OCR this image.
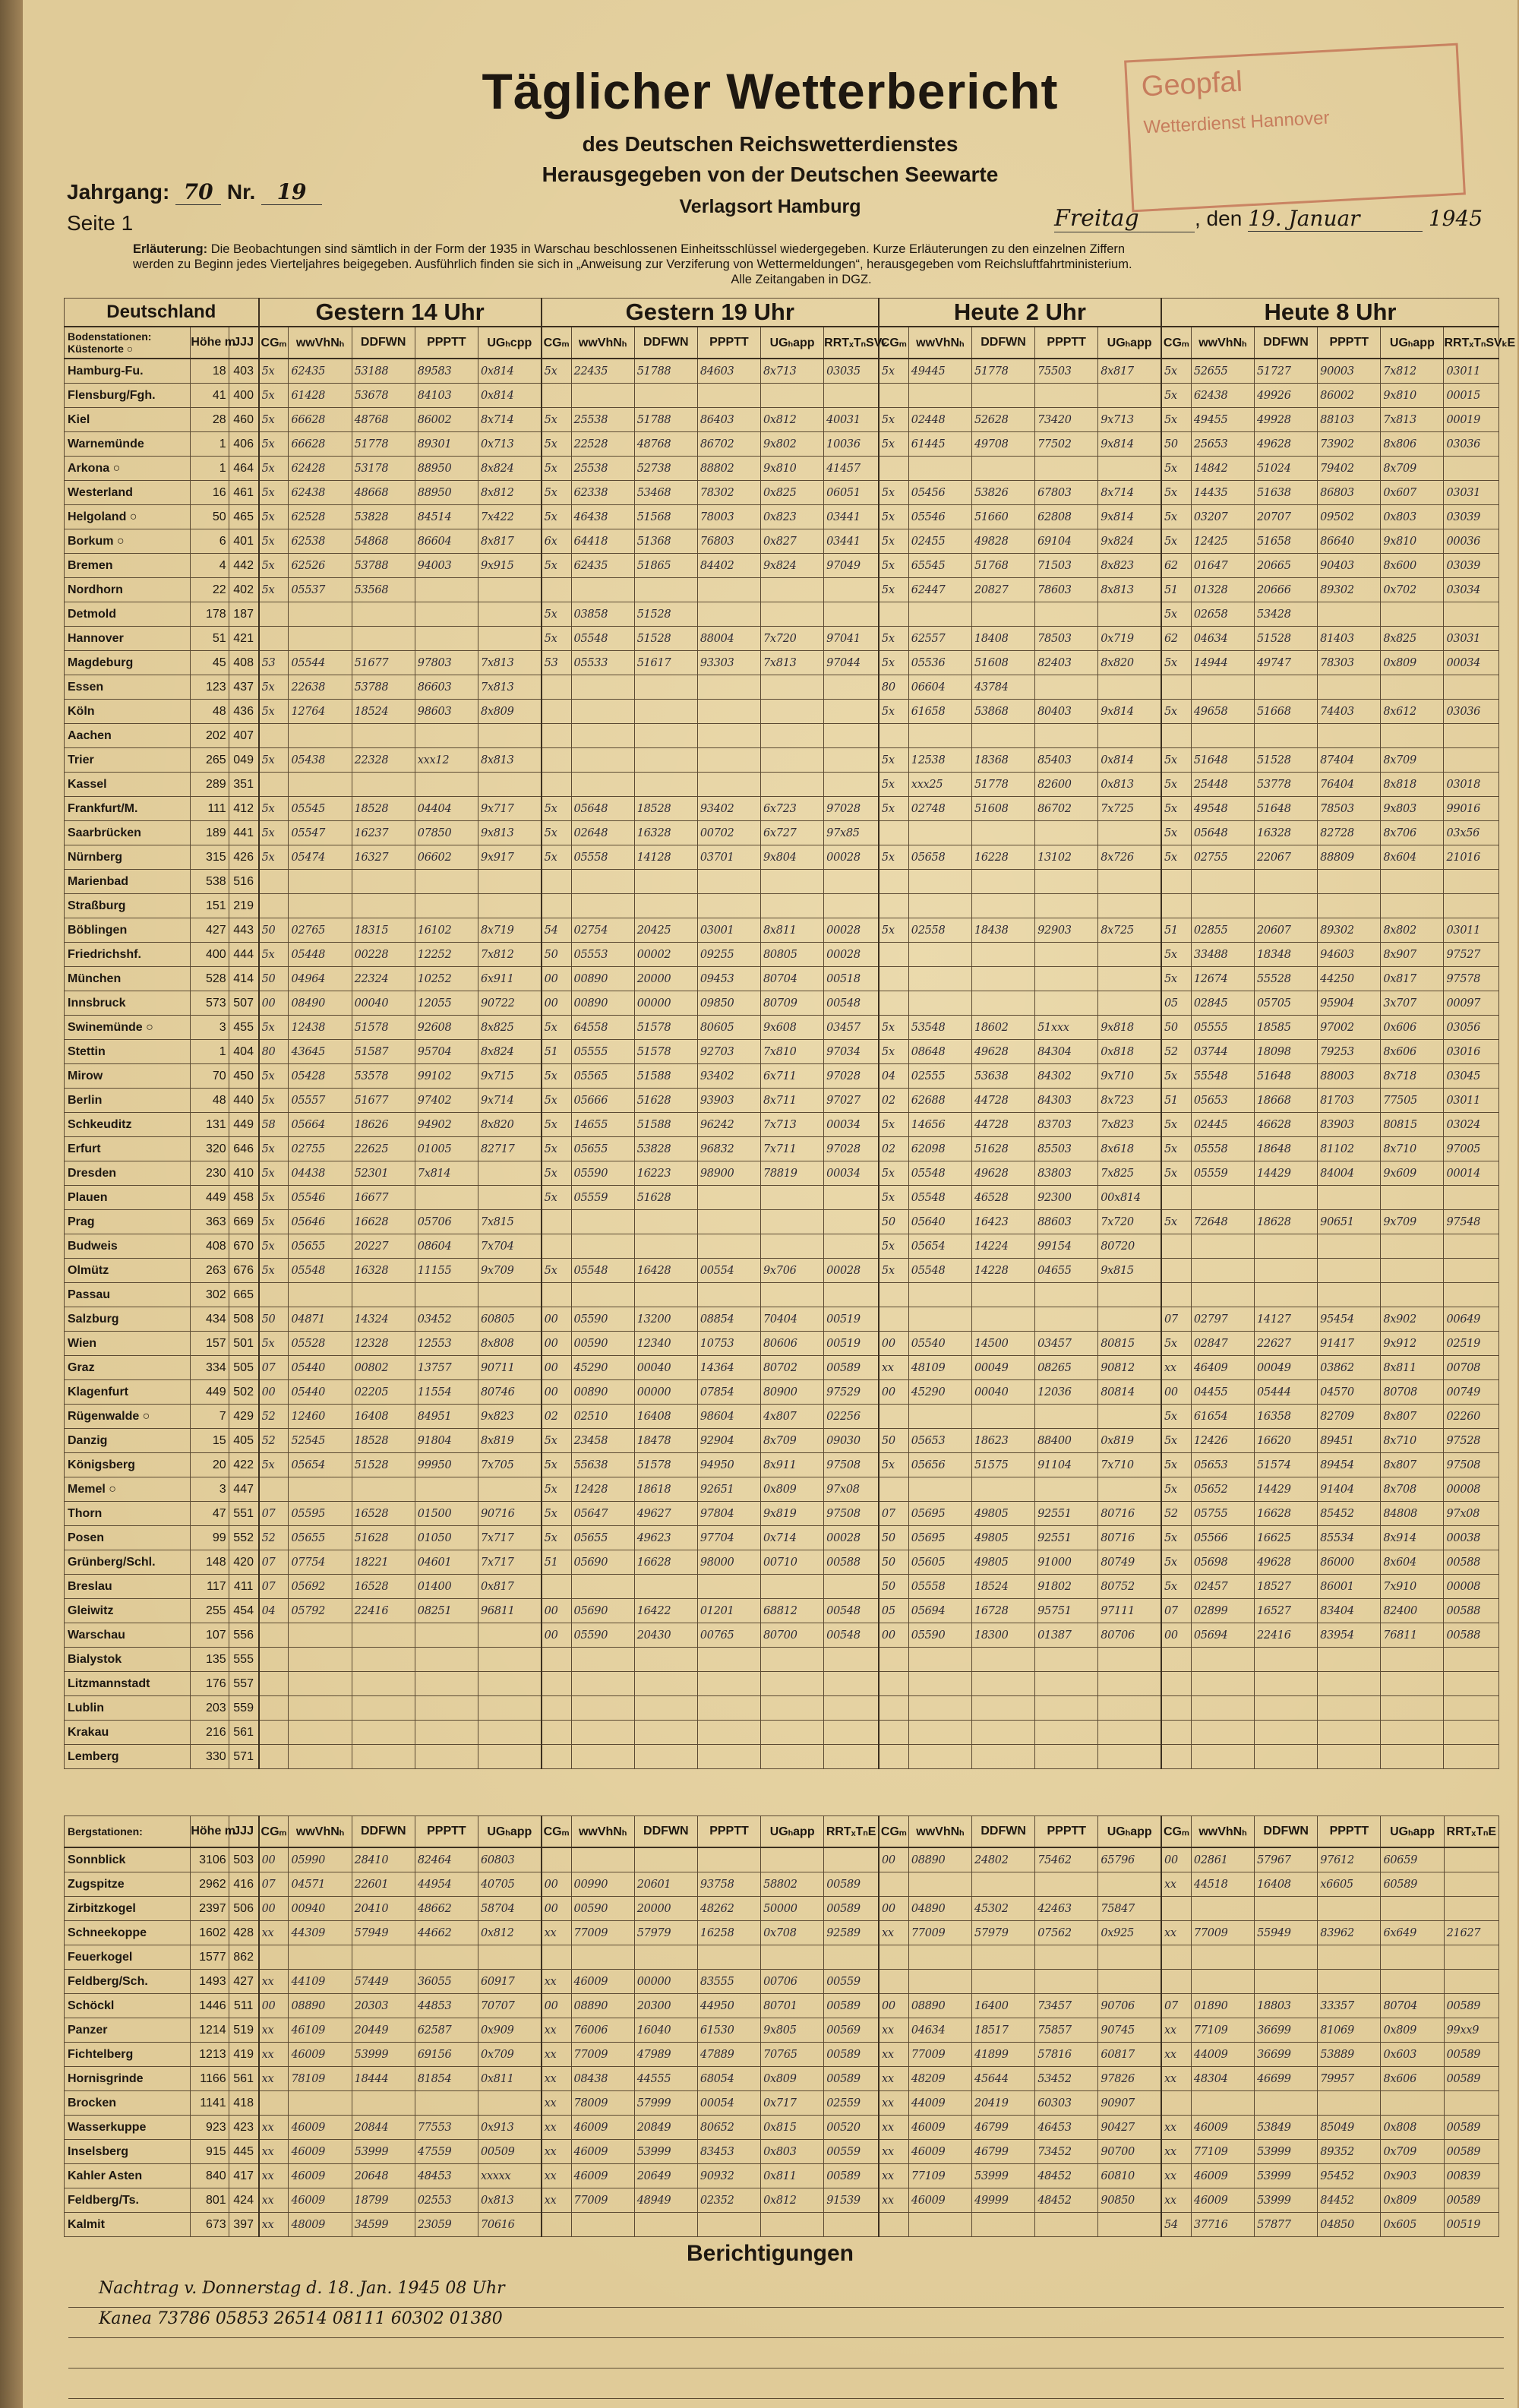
Geopfal
Wetterdienst Hannover
Täglicher Wetterbericht
des Deutschen Reichswetterdienstes
Herausgegeben von der Deutschen Seewarte
Verlagsort Hamburg
Jahrgang: 70 Nr. 19
Seite 1	Freitag	, den 19. Januar	1945
Erläuterung: Die Beobachtungen sind sämtlich in der Form der 1935 in Warschau beschlossenen Einheitsschlüssel wiedergegeben. Kurze Erläuterungen zu den einzelnen Ziffern
werden zu Beginn jedes Vierteljahres beigegeben. Ausführlich finden sie sich in „Anweisung zur Verziferung von Wettermeldungen“, herausgegeben vom Reichsluftfahrtministerium.
Alle Zeitangaben in DGZ.
Deutschland			Gestern 14 Uhr					Gestern 19 Uhr						Heute 2 Uhr					Heute 8 Uhr					
Bodenstationen: Küstenorte ○	Höhe m	JJJ	CGₘ	wwVhNₕ	DDFWN	PPPTT	UGₕcpp	CGₘ	wwVhNₕ	DDFWN	PPPTT	UGₕapp	RRTₓTₙSVₖ	CGₘ	wwVhNₕ	DDFWN	PPPTT	UGₕapp	CGₘ	wwVhNₕ	DDFWN	PPPTT	UGₕapp	RRTₓTₙSVₖE
Hamburg-Fu.	18	403	5x	62435	53188	89583	0x814	5x	22435	51788	84603	8x713	03035	5x	49445	51778	75503	8x817	5x	52655	51727	90003	7x812	03011
Flensburg/Fgh.	41	400	5x	61428	53678	84103	0x814												5x	62438	49926	86002	9x810	00015
Kiel	28	460	5x	66628	48768	86002	8x714	5x	25538	51788	86403	0x812	40031	5x	02448	52628	73420	9x713	5x	49455	49928	88103	7x813	00019
Warnemünde	1	406	5x	66628	51778	89301	0x713	5x	22528	48768	86702	9x802	10036	5x	61445	49708	77502	9x814	50	25653	49628	73902	8x806	03036
Arkona ○	1	464	5x	62428	53178	88950	8x824	5x	25538	52738	88802	9x810	41457						5x	14842	51024	79402	8x709	
Westerland	16	461	5x	62438	48668	88950	8x812	5x	62338	53468	78302	0x825	06051	5x	05456	53826	67803	8x714	5x	14435	51638	86803	0x607	03031
Helgoland ○	50	465	5x	62528	53828	84514	7x422	5x	46438	51568	78003	0x823	03441	5x	05546	51660	62808	9x814	5x	03207	20707	09502	0x803	03039
Borkum ○	6	401	5x	62538	54868	86604	8x817	6x	64418	51368	76803	0x827	03441	5x	02455	49828	69104	9x824	5x	12425	51658	86640	9x810	00036
Bremen	4	442	5x	62526	53788	94003	9x915	5x	62435	51865	84402	9x824	97049	5x	65545	51768	71503	8x823	62	01647	20665	90403	8x600	03039
Nordhorn	22	402	5x	05537	53568									5x	62447	20827	78603	8x813	51	01328	20666	89302	0x702	03034
Detmold	178	187						5x	03858	51528									5x	02658	53428			
Hannover	51	421						5x	05548	51528	88004	7x720	97041	5x	62557	18408	78503	0x719	62	04634	51528	81403	8x825	03031
Magdeburg	45	408	53	05544	51677	97803	7x813	53	05533	51617	93303	7x813	97044	5x	05536	51608	82403	8x820	5x	14944	49747	78303	0x809	00034
Essen	123	437	5x	22638	53788	86603	7x813							80	06604	43784								
Köln	48	436	5x	12764	18524	98603	8x809							5x	61658	53868	80403	9x814	5x	49658	51668	74403	8x612	03036
Aachen	202	407																						
Trier	265	049	5x	05438	22328	xxx12	8x813							5x	12538	18368	85403	0x814	5x	51648	51528	87404	8x709	
Kassel	289	351												5x	xxx25	51778	82600	0x813	5x	25448	53778	76404	8x818	03018
Frankfurt/M.	111	412	5x	05545	18528	04404	9x717	5x	05648	18528	93402	6x723	97028	5x	02748	51608	86702	7x725	5x	49548	51648	78503	9x803	99016
Saarbrücken	189	441	5x	05547	16237	07850	9x813	5x	02648	16328	00702	6x727	97x85						5x	05648	16328	82728	8x706	03x56
Nürnberg	315	426	5x	05474	16327	06602	9x917	5x	05558	14128	03701	9x804	00028	5x	05658	16228	13102	8x726	5x	02755	22067	88809	8x604	21016
Marienbad	538	516																						
Straßburg	151	219																						
Böblingen	427	443	50	02765	18315	16102	8x719	54	02754	20425	03001	8x811	00028	5x	02558	18438	92903	8x725	51	02855	20607	89302	8x802	03011
Friedrichshf.	400	444	5x	05448	00228	12252	7x812	50	05553	00002	09255	80805	00028						5x	33488	18348	94603	8x907	97527
München	528	414	50	04964	22324	10252	6x911	00	00890	20000	09453	80704	00518						5x	12674	55528	44250	0x817	97578
Innsbruck	573	507	00	08490	00040	12055	90722	00	00890	00000	09850	80709	00548						05	02845	05705	95904	3x707	00097
Swinemünde ○	3	455	5x	12438	51578	92608	8x825	5x	64558	51578	80605	9x608	03457	5x	53548	18602	51xxx	9x818	50	05555	18585	97002	0x606	03056
Stettin	1	404	80	43645	51587	95704	8x824	51	05555	51578	92703	7x810	97034	5x	08648	49628	84304	0x818	52	03744	18098	79253	8x606	03016
Mirow	70	450	5x	05428	53578	99102	9x715	5x	05565	51588	93402	6x711	97028	04	02555	53638	84302	9x710	5x	55548	51648	88003	8x718	03045
Berlin	48	440	5x	05557	51677	97402	9x714	5x	05666	51628	93903	8x711	97027	02	62688	44728	84303	8x723	51	05653	18668	81703	77505	03011
Schkeuditz	131	449	58	05664	18626	94902	8x820	5x	14655	51588	96242	7x713	00034	5x	14656	44728	83703	7x823	5x	02445	46628	83903	80815	03024
Erfurt	320	646	5x	02755	22625	01005	82717	5x	05655	53828	96832	7x711	97028	02	62098	51628	85503	8x618	5x	05558	18648	81102	8x710	97005
Dresden	230	410	5x	04438	52301	7x814		5x	05590	16223	98900	78819	00034	5x	05548	49628	83803	7x825	5x	05559	14429	84004	9x609	00014
Plauen	449	458	5x	05546	16677			5x	05559	51628				5x	05548	46528	92300	00x814						
Prag	363	669	5x	05646	16628	05706	7x815							50	05640	16423	88603	7x720	5x	72648	18628	90651	9x709	97548
Budweis	408	670	5x	05655	20227	08604	7x704							5x	05654	14224	99154	80720						
Olmütz	263	676	5x	05548	16328	11155	9x709	5x	05548	16428	00554	9x706	00028	5x	05548	14228	04655	9x815						
Passau	302	665																						
Salzburg	434	508	50	04871	14324	03452	60805	00	05590	13200	08854	70404	00519						07	02797	14127	95454	8x902	00649
Wien	157	501	5x	05528	12328	12553	8x808	00	00590	12340	10753	80606	00519	00	05540	14500	03457	80815	5x	02847	22627	91417	9x912	02519
Graz	334	505	07	05440	00802	13757	90711	00	45290	00040	14364	80702	00589	xx	48109	00049	08265	90812	xx	46409	00049	03862	8x811	00708
Klagenfurt	449	502	00	05440	02205	11554	80746	00	00890	00000	07854	80900	97529	00	45290	00040	12036	80814	00	04455	05444	04570	80708	00749
Rügenwalde ○	7	429	52	12460	16408	84951	9x823	02	02510	16408	98604	4x807	02256						5x	61654	16358	82709	8x807	02260
Danzig	15	405	52	52545	18528	91804	8x819	5x	23458	18478	92904	8x709	09030	50	05653	18623	88400	0x819	5x	12426	16620	89451	8x710	97528
Königsberg	20	422	5x	05654	51528	99950	7x705	5x	55638	51578	94950	8x911	97508	5x	05656	51575	91104	7x710	5x	05653	51574	89454	8x807	97508
Memel ○	3	447						5x	12428	18618	92651	0x809	97x08						5x	05652	14429	91404	8x708	00008
Thorn	47	551	07	05595	16528	01500	90716	5x	05647	49627	97804	9x819	97508	07	05695	49805	92551	80716	52	05755	16628	85452	84808	97x08
Posen	99	552	52	05655	51628	01050	7x717	5x	05655	49623	97704	0x714	00028	50	05695	49805	92551	80716	5x	05566	16625	85534	8x914	00038
Grünberg/Schl.	148	420	07	07754	18221	04601	7x717	51	05690	16628	98000	00710	00588	50	05605	49805	91000	80749	5x	05698	49628	86000	8x604	00588
Breslau	117	411	07	05692	16528	01400	0x817							50	05558	18524	91802	80752	5x	02457	18527	86001	7x910	00008
Gleiwitz	255	454	04	05792	22416	08251	96811	00	05690	16422	01201	68812	00548	05	05694	16728	95751	97111	07	02899	16527	83404	82400	00588
Warschau	107	556						00	05590	20430	00765	80700	00548	00	05590	18300	01387	80706	00	05694	22416	83954	76811	00588
Bialystok	135	555																						
Litzmannstadt	176	557																						
Lublin	203	559																						
Krakau	216	561																						
Lemberg	330	571																						
Bergstationen:	Höhe m	JJJ	CGₘ	wwVhNₕ	DDFWN	PPPTT	UGₕapp	CGₘ	wwVhNₕ	DDFWN	PPPTT	UGₕapp	RRTₓTₙE	CGₘ	wwVhNₕ	DDFWN	PPPTT	UGₕapp	CGₘ	wwVhNₕ	DDFWN	PPPTT	UGₕapp	RRTₓTₙE
Sonnblick	3106	503	00	05990	28410	82464	60803							00	08890	24802	75462	65796	00	02861	57967	97612	60659	
Zugspitze	2962	416	07	04571	22601	44954	40705	00	00990	20601	93758	58802	00589						xx	44518	16408	x6605	60589	
Zirbitzkogel	2397	506	00	00940	20410	48662	58704	00	00590	20000	48262	50000	00589	00	04890	45302	42463	75847						
Schneekoppe	1602	428	xx	44309	57949	44662	0x812	xx	77009	57979	16258	0x708	92589	xx	77009	57979	07562	0x925	xx	77009	55949	83962	6x649	21627
Feuerkogel	1577	862																						
Feldberg/Sch.	1493	427	xx	44109	57449	36055	60917	xx	46009	00000	83555	00706	00559											
Schöckl	1446	511	00	08890	20303	44853	70707	00	08890	20300	44950	80701	00589	00	08890	16400	73457	90706	07	01890	18803	33357	80704	00589
Panzer	1214	519	xx	46109	20449	62587	0x909	xx	76006	16040	61530	9x805	00569	xx	04634	18517	75857	90745	xx	77109	36699	81069	0x809	99xx9
Fichtelberg	1213	419	xx	46009	53999	69156	0x709	xx	77009	47989	47889	70765	00589	xx	77009	41899	57816	60817	xx	44009	36699	53889	0x603	00589
Hornisgrinde	1166	561	xx	78109	18444	81854	0x811	xx	08438	44555	68054	0x809	00589	xx	48209	45644	53452	97826	xx	48304	46699	79957	8x606	00589
Brocken	1141	418						xx	78009	57999	00054	0x717	02559	xx	44009	20419	60303	90907						
Wasserkuppe	923	423	xx	46009	20844	77553	0x913	xx	46009	20849	80652	0x815	00520	xx	46009	46799	46453	90427	xx	46009	53849	85049	0x808	00589
Inselsberg	915	445	xx	46009	53999	47559	00509	xx	46009	53999	83453	0x803	00559	xx	46009	46799	73452	90700	xx	77109	53999	89352	0x709	00589
Kahler Asten	840	417	xx	46009	20648	48453	xxxxx	xx	46009	20649	90932	0x811	00589	xx	77109	53999	48452	60810	xx	46009	53999	95452	0x903	00839
Feldberg/Ts.	801	424	xx	46009	18799	02553	0x813	xx	77009	48949	02352	0x812	91539	xx	46009	49999	48452	90850	xx	46009	53999	84452	0x809	00589
Kalmit	673	397	xx	48009	34599	23059	70616												54	37716	57877	04850	0x605	00519
Berichtigungen
Nachtrag v. Donnerstag d. 18. Jan. 1945 08 Uhr
Kanea 73786 05853 26514 08111 60302 01380
